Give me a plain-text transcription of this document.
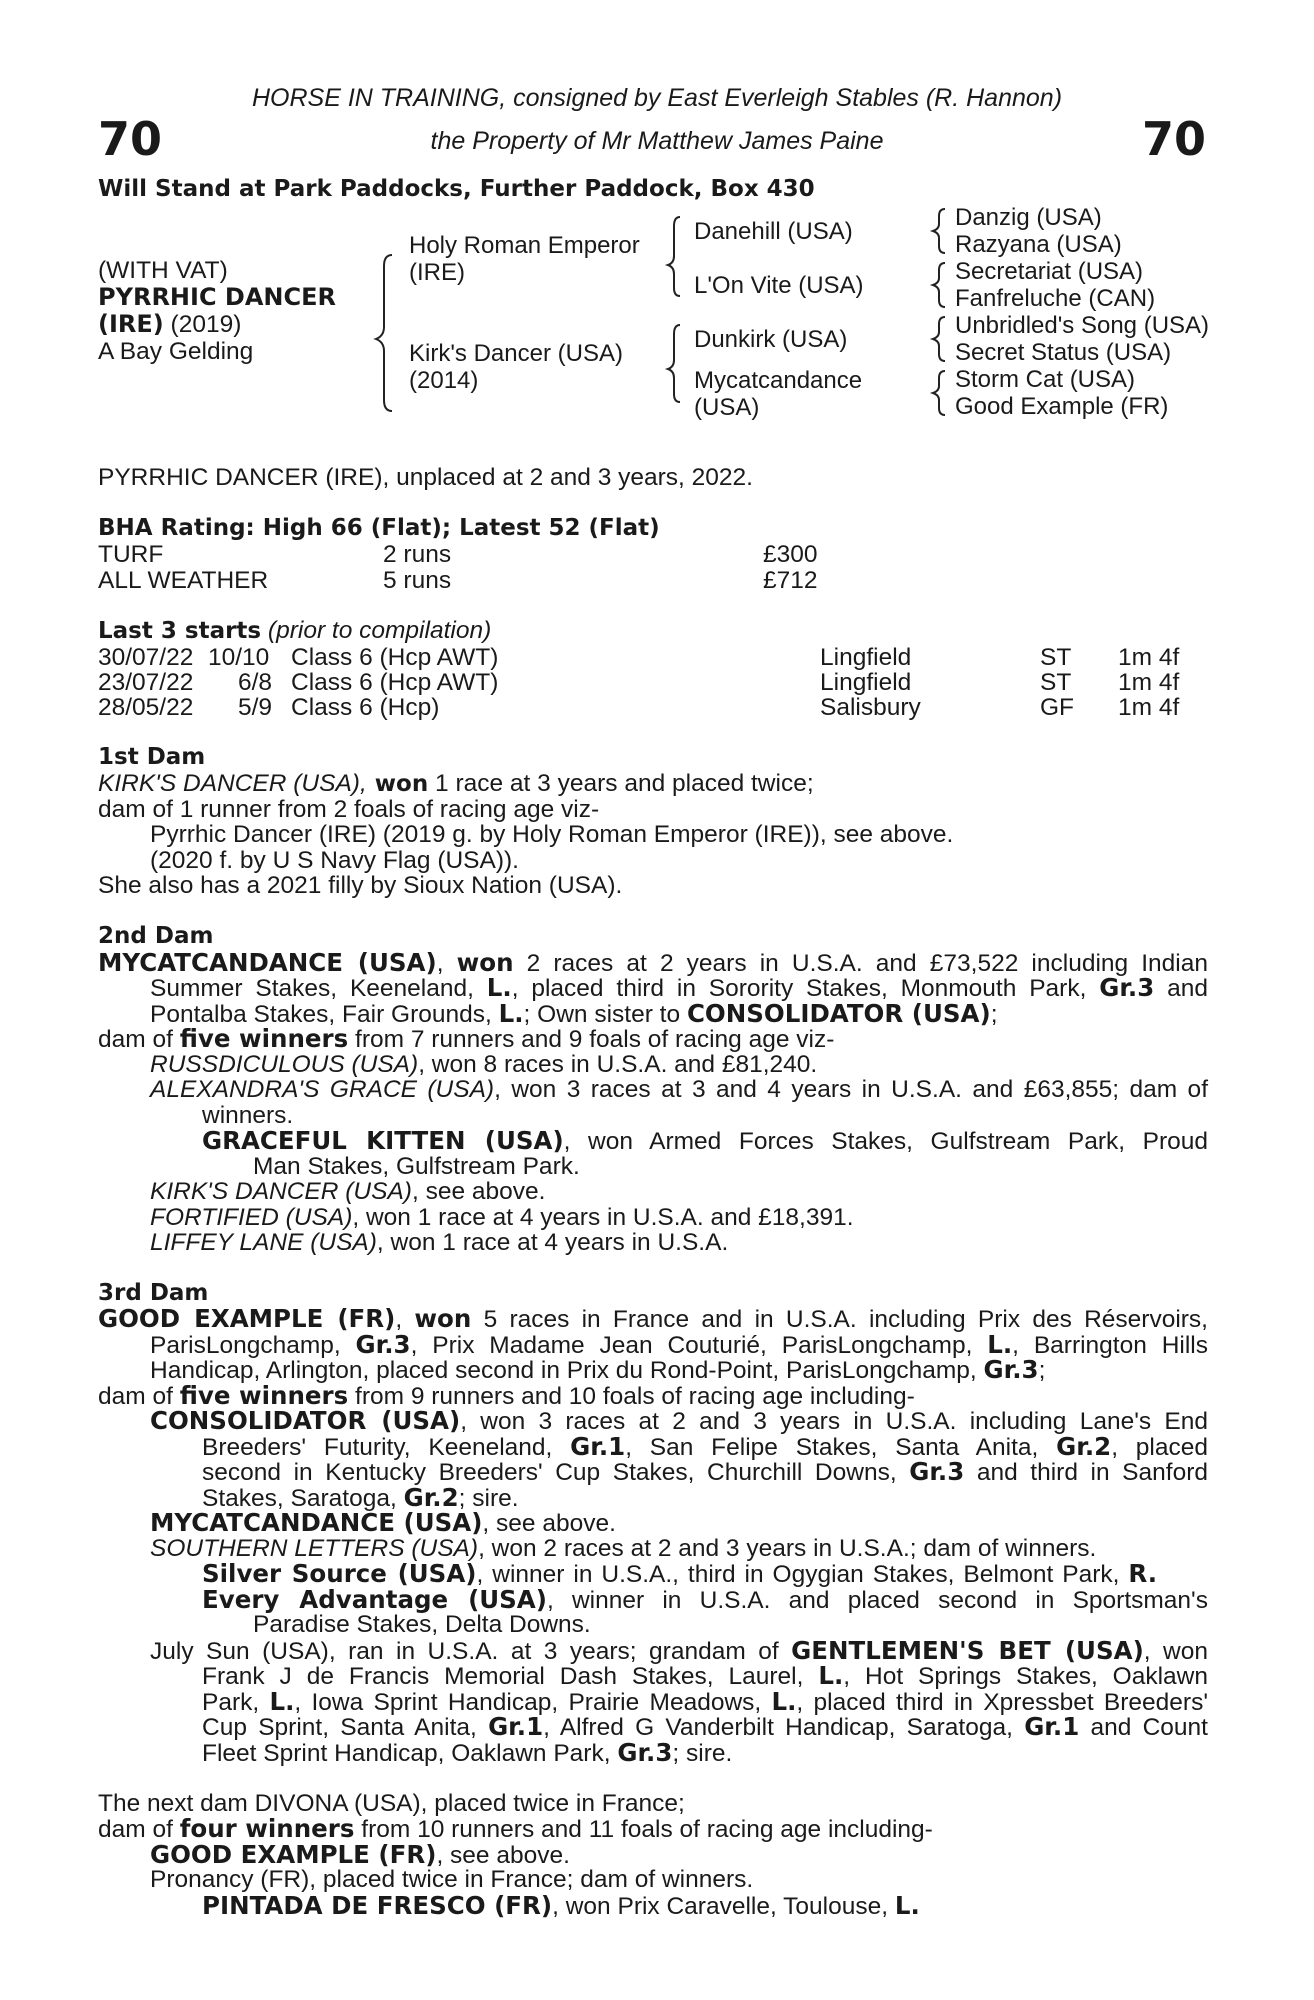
70	70
HORSE IN TRAINING, consigned by East Everleigh Stables (R. Hannon)
the Property of Mr Matthew James Paine
Will Stand at Park Paddocks, Further Paddock, Box 430
(WITH VAT)
PYRRHIC DANCER
(IRE) (2019)
A Bay Gelding
Holy Roman Emperor
(IRE)
Kirk's Dancer (USA)
(2014)
Danehill (USA)
L'On Vite (USA)
Dunkirk (USA)
Mycatcandance
(USA)
Danzig (USA)
Razyana (USA)
Secretariat (USA)
Fanfreluche (CAN)
Unbridled's Song (USA)
Secret Status (USA)
Storm Cat (USA)
Good Example (FR)
PYRRHIC DANCER (IRE), unplaced at 2 and 3 years, 2022.
BHA Rating: High 66 (Flat); Latest 52 (Flat)
TURF	2 runs	£300
ALL WEATHER	5 runs	£712
Last 3 starts (prior to compilation)
30/07/22 10/10 Class 6 (Hcp AWT)	Lingfield	ST 1m 4f
23/07/22	6/8 Class 6 (Hcp AWT)	Lingfield	ST 1m 4f
28/05/22	5/9 Class 6 (Hcp)	Salisbury	GF 1m 4f
1st Dam
KIRK'S DANCER (USA), won 1 race at 3 years and placed twice;
dam of 1 runner from 2 foals of racing age viz-
Pyrrhic Dancer (IRE) (2019 g. by Holy Roman Emperor (IRE)), see above.
(2020 f. by U S Navy Flag (USA)).
She also has a 2021 filly by Sioux Nation (USA).
2nd Dam
MYCATCANDANCE (USA), won 2 races at 2 years in U.S.A. and £73,522 including Indian
Summer Stakes, Keeneland, L., placed third in Sorority Stakes, Monmouth Park, Gr.3 and
Pontalba Stakes, Fair Grounds, L.; Own sister to CONSOLIDATOR (USA);
dam of five winners from 7 runners and 9 foals of racing age viz-
RUSSDICULOUS (USA), won 8 races in U.S.A. and £81,240.
ALEXANDRA'S GRACE (USA), won 3 races at 3 and 4 years in U.S.A. and £63,855; dam of
winners.
GRACEFUL KITTEN (USA), won Armed Forces Stakes, Gulfstream Park, Proud
Man Stakes, Gulfstream Park.
KIRK'S DANCER (USA), see above.
FORTIFIED (USA), won 1 race at 4 years in U.S.A. and £18,391.
LIFFEY LANE (USA), won 1 race at 4 years in U.S.A.
3rd Dam
GOOD EXAMPLE (FR), won 5 races in France and in U.S.A. including Prix des Réservoirs,
ParisLongchamp, Gr.3, Prix Madame Jean Couturié, ParisLongchamp, L., Barrington Hills
Handicap, Arlington, placed second in Prix du Rond-Point, ParisLongchamp, Gr.3;
dam of five winners from 9 runners and 10 foals of racing age including-
CONSOLIDATOR (USA), won 3 races at 2 and 3 years in U.S.A. including Lane's End
Breeders' Futurity, Keeneland, Gr.1, San Felipe Stakes, Santa Anita, Gr.2, placed
second in Kentucky Breeders' Cup Stakes, Churchill Downs, Gr.3 and third in Sanford
Stakes, Saratoga, Gr.2; sire.
MYCATCANDANCE (USA), see above.
SOUTHERN LETTERS (USA), won 2 races at 2 and 3 years in U.S.A.; dam of winners.
Silver Source (USA), winner in U.S.A., third in Ogygian Stakes, Belmont Park, R.
Every Advantage (USA), winner in U.S.A. and placed second in Sportsman's
Paradise Stakes, Delta Downs.
July Sun (USA), ran in U.S.A. at 3 years; grandam of GENTLEMEN'S BET (USA), won
Frank J de Francis Memorial Dash Stakes, Laurel, L., Hot Springs Stakes, Oaklawn
Park, L., Iowa Sprint Handicap, Prairie Meadows, L., placed third in Xpressbet Breeders'
Cup Sprint, Santa Anita, Gr.1, Alfred G Vanderbilt Handicap, Saratoga, Gr.1 and Count
Fleet Sprint Handicap, Oaklawn Park, Gr.3; sire.
The next dam DIVONA (USA), placed twice in France;
dam of four winners from 10 runners and 11 foals of racing age including-
GOOD EXAMPLE (FR), see above.
Pronancy (FR), placed twice in France; dam of winners.
PINTADA DE FRESCO (FR), won Prix Caravelle, Toulouse, L.
